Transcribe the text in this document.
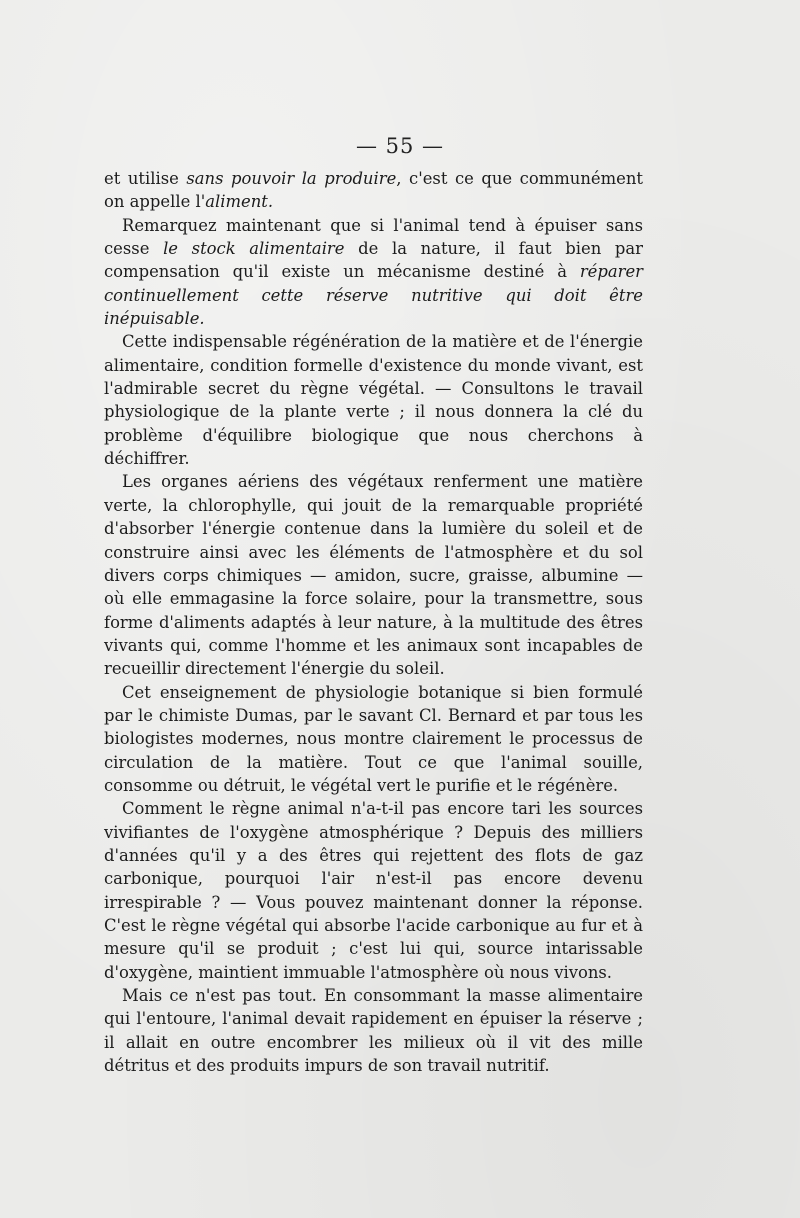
— 55 —

et utilise sans pouvoir la produire, c'est ce que communément on appelle l'aliment.

Remarquez maintenant que si l'animal tend à épuiser sans cesse le stock alimentaire de la nature, il faut bien par compensation qu'il existe un mécanisme destiné à réparer continuellement cette réserve nutritive qui doit être inépuisable.

Cette indispensable régénération de la matière et de l'énergie alimentaire, condition formelle d'existence du monde vivant, est l'admirable secret du règne végétal. — Consultons le travail physiologique de la plante verte ; il nous donnera la clé du problème d'équilibre biologique que nous cherchons à déchiffrer.

Les organes aériens des végétaux renferment une matière verte, la chlorophylle, qui jouit de la remarquable propriété d'absorber l'énergie contenue dans la lumière du soleil et de construire ainsi avec les éléments de l'atmosphère et du sol divers corps chimiques — amidon, sucre, graisse, albumine — où elle emmagasine la force solaire, pour la transmettre, sous forme d'aliments adaptés à leur nature, à la multitude des êtres vivants qui, comme l'homme et les animaux sont incapables de recueillir directement l'énergie du soleil.

Cet enseignement de physiologie botanique si bien formulé par le chimiste Dumas, par le savant Cl. Bernard et par tous les biologistes modernes, nous montre clairement le processus de circulation de la matière. Tout ce que l'animal souille, consomme ou détruit, le végétal vert le purifie et le régénère.

Comment le règne animal n'a-t-il pas encore tari les sources vivifiantes de l'oxygène atmosphérique ? Depuis des milliers d'années qu'il y a des êtres qui rejettent des flots de gaz carbonique, pourquoi l'air n'est-il pas encore devenu irrespirable ? — Vous pouvez maintenant donner la réponse. C'est le règne végétal qui absorbe l'acide carbonique au fur et à mesure qu'il se produit ; c'est lui qui, source intarissable d'oxygène, maintient immuable l'atmosphère où nous vivons.

Mais ce n'est pas tout. En consommant la masse alimentaire qui l'entoure, l'animal devait rapidement en épuiser la réserve ; il allait en outre encombrer les milieux où il vit des mille détritus et des produits impurs de son travail nutritif.
